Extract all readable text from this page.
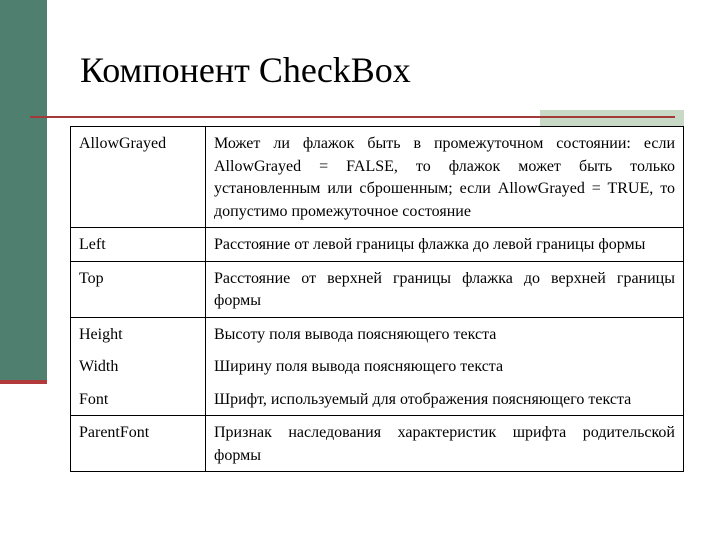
Компонент CheckBox
AllowGrayed	Может ли флажок быть в промежуточном состоянии: если AllowGrayed = FALSE, то флажок может быть только установленным или сброшенным; если AllowGrayed = TRUE, то допустимо промежуточное состояние
Left	Расстояние от левой границы флажка до левой границы формы
Top	Расстояние от верхней границы флажка до верхней границы формы
Height	Высоту поля вывода поясняющего текста
Width	Ширину поля вывода поясняющего текста
Font	Шрифт, используемый для отображения поясняющего текста
ParentFont	Признак наследования характеристик шрифта родительской формы
